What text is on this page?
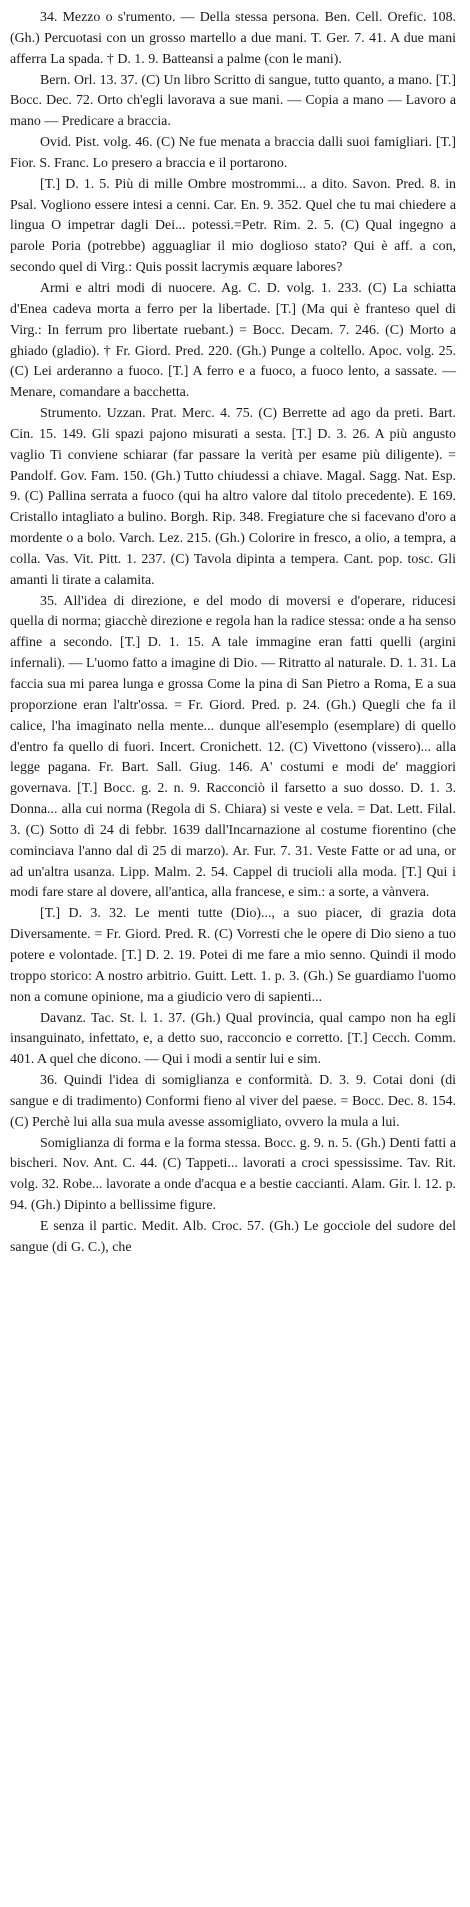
34. Mezzo o s'rumento. — Della stessa persona. Ben. Cell. Orefic. 108. (Gh.) Percuotasi con un grosso martello a due mani. T. Ger. 7. 41. A due mani afferra La spada. † D. 1. 9. Batteansi a palme (con le mani).

Bern. Orl. 13. 37. (C) Un libro Scritto di sangue, tutto quanto, a mano. [T.] Bocc. Dec. 72. Orto ch'egli lavorava a sue mani. — Copia a mano — Lavoro a mano — Predicare a braccia.

Ovid. Pist. volg. 46. (C) Ne fue menata a braccia dalli suoi famigliari. [T.] Fior. S. Franc. Lo presero a braccia e il portarono.

[T.] D. 1. 5. Più di mille Ombre mostrommi... a dito. Savon. Pred. 8. in Psal. Vogliono essere intesi a cenni. Car. En. 9. 352. Quel che tu mai chiedere a lingua O impetrar dagli Dei... potessi.=Petr. Rim. 2. 5. (C) Qual ingegno a parole Poria (potrebbe) agguagliar il mio doglioso stato? Qui è aff. a con, secondo quel di Virg.: Quis possit lacrymis æquare labores?

Armi e altri modi di nuocere. Ag. C. D. volg. 1. 233. (C) La schiatta d'Enea cadeva morta a ferro per la libertade. [T.] (Ma qui è franteso quel di Virg.: In ferrum pro libertate ruebant.) = Bocc. Decam. 7. 246. (C) Morto a ghiado (gladio). † Fr. Giord. Pred. 220. (Gh.) Punge a coltello. Apoc. volg. 25. (C) Lei arderanno a fuoco. [T.] A ferro e a fuoco, a fuoco lento, a sassate. — Menare, comandare a bacchetta.

Strumento. Uzzan. Prat. Merc. 4. 75. (C) Berrette ad ago da preti. Bart. Cin. 15. 149. Gli spazi pajono misurati a sesta. [T.] D. 3. 26. A più angusto vaglio Ti conviene schiarar (far passare la verità per esame più diligente). = Pandolf. Gov. Fam. 150. (Gh.) Tutto chiudessi a chiave. Magal. Sagg. Nat. Esp. 9. (C) Pallina serrata a fuoco (qui ha altro valore dal titolo precedente). E 169. Cristallo intagliato a bulino. Borgh. Rip. 348. Fregiature che si facevano d'oro a mordente o a bolo. Varch. Lez. 215. (Gh.) Colorire in fresco, a olio, a tempra, a colla. Vas. Vit. Pitt. 1. 237. (C) Tavola dipinta a tempera. Cant. pop. tosc. Gli amanti li tirate a calamita.

35. All'idea di direzione, e del modo di moversi e d'operare, riducesi quella di norma; giacchè direzione e regola han la radice stessa: onde a ha senso affine a secondo. [T.] D. 1. 15. A tale immagine eran fatti quelli (argini infernali). — L'uomo fatto a imagine di Dio. — Ritratto al naturale. D. 1. 31. La faccia sua mi parea lunga e grossa Come la pina di San Pietro a Roma, E a sua proporzione eran l'altr'ossa. = Fr. Giord. Pred. p. 24. (Gh.) Quegli che fa il calice, l'ha imaginato nella mente... dunque all'esemplo (esemplare) di quello d'entro fa quello di fuori. Incert. Cronichett. 12. (C) Vivettono (vissero)... alla legge pagana. Fr. Bart. Sall. Giug. 146. A' costumi e modi de' maggiori governava. [T.] Bocc. g. 2. n. 9. Racconciò il farsetto a suo dosso. D. 1. 3. Donna... alla cui norma (Regola di S. Chiara) si veste e vela. = Dat. Lett. Filal. 3. (C) Sotto dì 24 di febbr. 1639 dall'Incarnazione al costume fiorentino (che cominciava l'anno dal dì 25 di marzo). Ar. Fur. 7. 31. Veste Fatte or ad una, or ad un'altra usanza. Lipp. Malm. 2. 54. Cappel di trucioli alla moda. [T.] Qui i modi fare stare al dovere, all'antica, alla francese, e sim.: a sorte, a vànvera.

[T.] D. 3. 32. Le menti tutte (Dio)..., a suo piacer, di grazia dota Diversamente. = Fr. Giord. Pred. R. (C) Vorresti che le opere di Dio sieno a tuo potere e volontade. [T.] D. 2. 19. Potei di me fare a mio senno. Quindi il modo troppo storico: A nostro arbitrio. Guitt. Lett. 1. p. 3. (Gh.) Se guardiamo l'uomo non a comune opinione, ma a giudicio vero di sapienti...

Davanz. Tac. St. l. 1. 37. (Gh.) Qual provincia, qual campo non ha egli insanguinato, infettato, e, a detto suo, racconcio e corretto. [T.] Cecch. Comm. 401. A quel che dicono. — Qui i modi a sentir lui e sim.

36. Quindi l'idea di somiglianza e conformità. D. 3. 9. Cotai doni (di sangue e di tradimento) Conformi fieno al viver del paese. = Bocc. Dec. 8. 154. (C) Perchè lui alla sua mula avesse assomigliato, ovvero la mula a lui.

Somiglianza di forma e la forma stessa. Bocc. g. 9. n. 5. (Gh.) Denti fatti a bischeri. Nov. Ant. C. 44. (C) Tappeti... lavorati a croci spessissime. Tav. Rit. volg. 32. Robe... lavorate a onde d'acqua e a bestie caccianti. Alam. Gir. l. 12. p. 94. (Gh.) Dipinto a bellissime figure.

E senza il partic. Medit. Alb. Croc. 57. (Gh.) Le gocciole del sudore del sangue (di G. C.), che
